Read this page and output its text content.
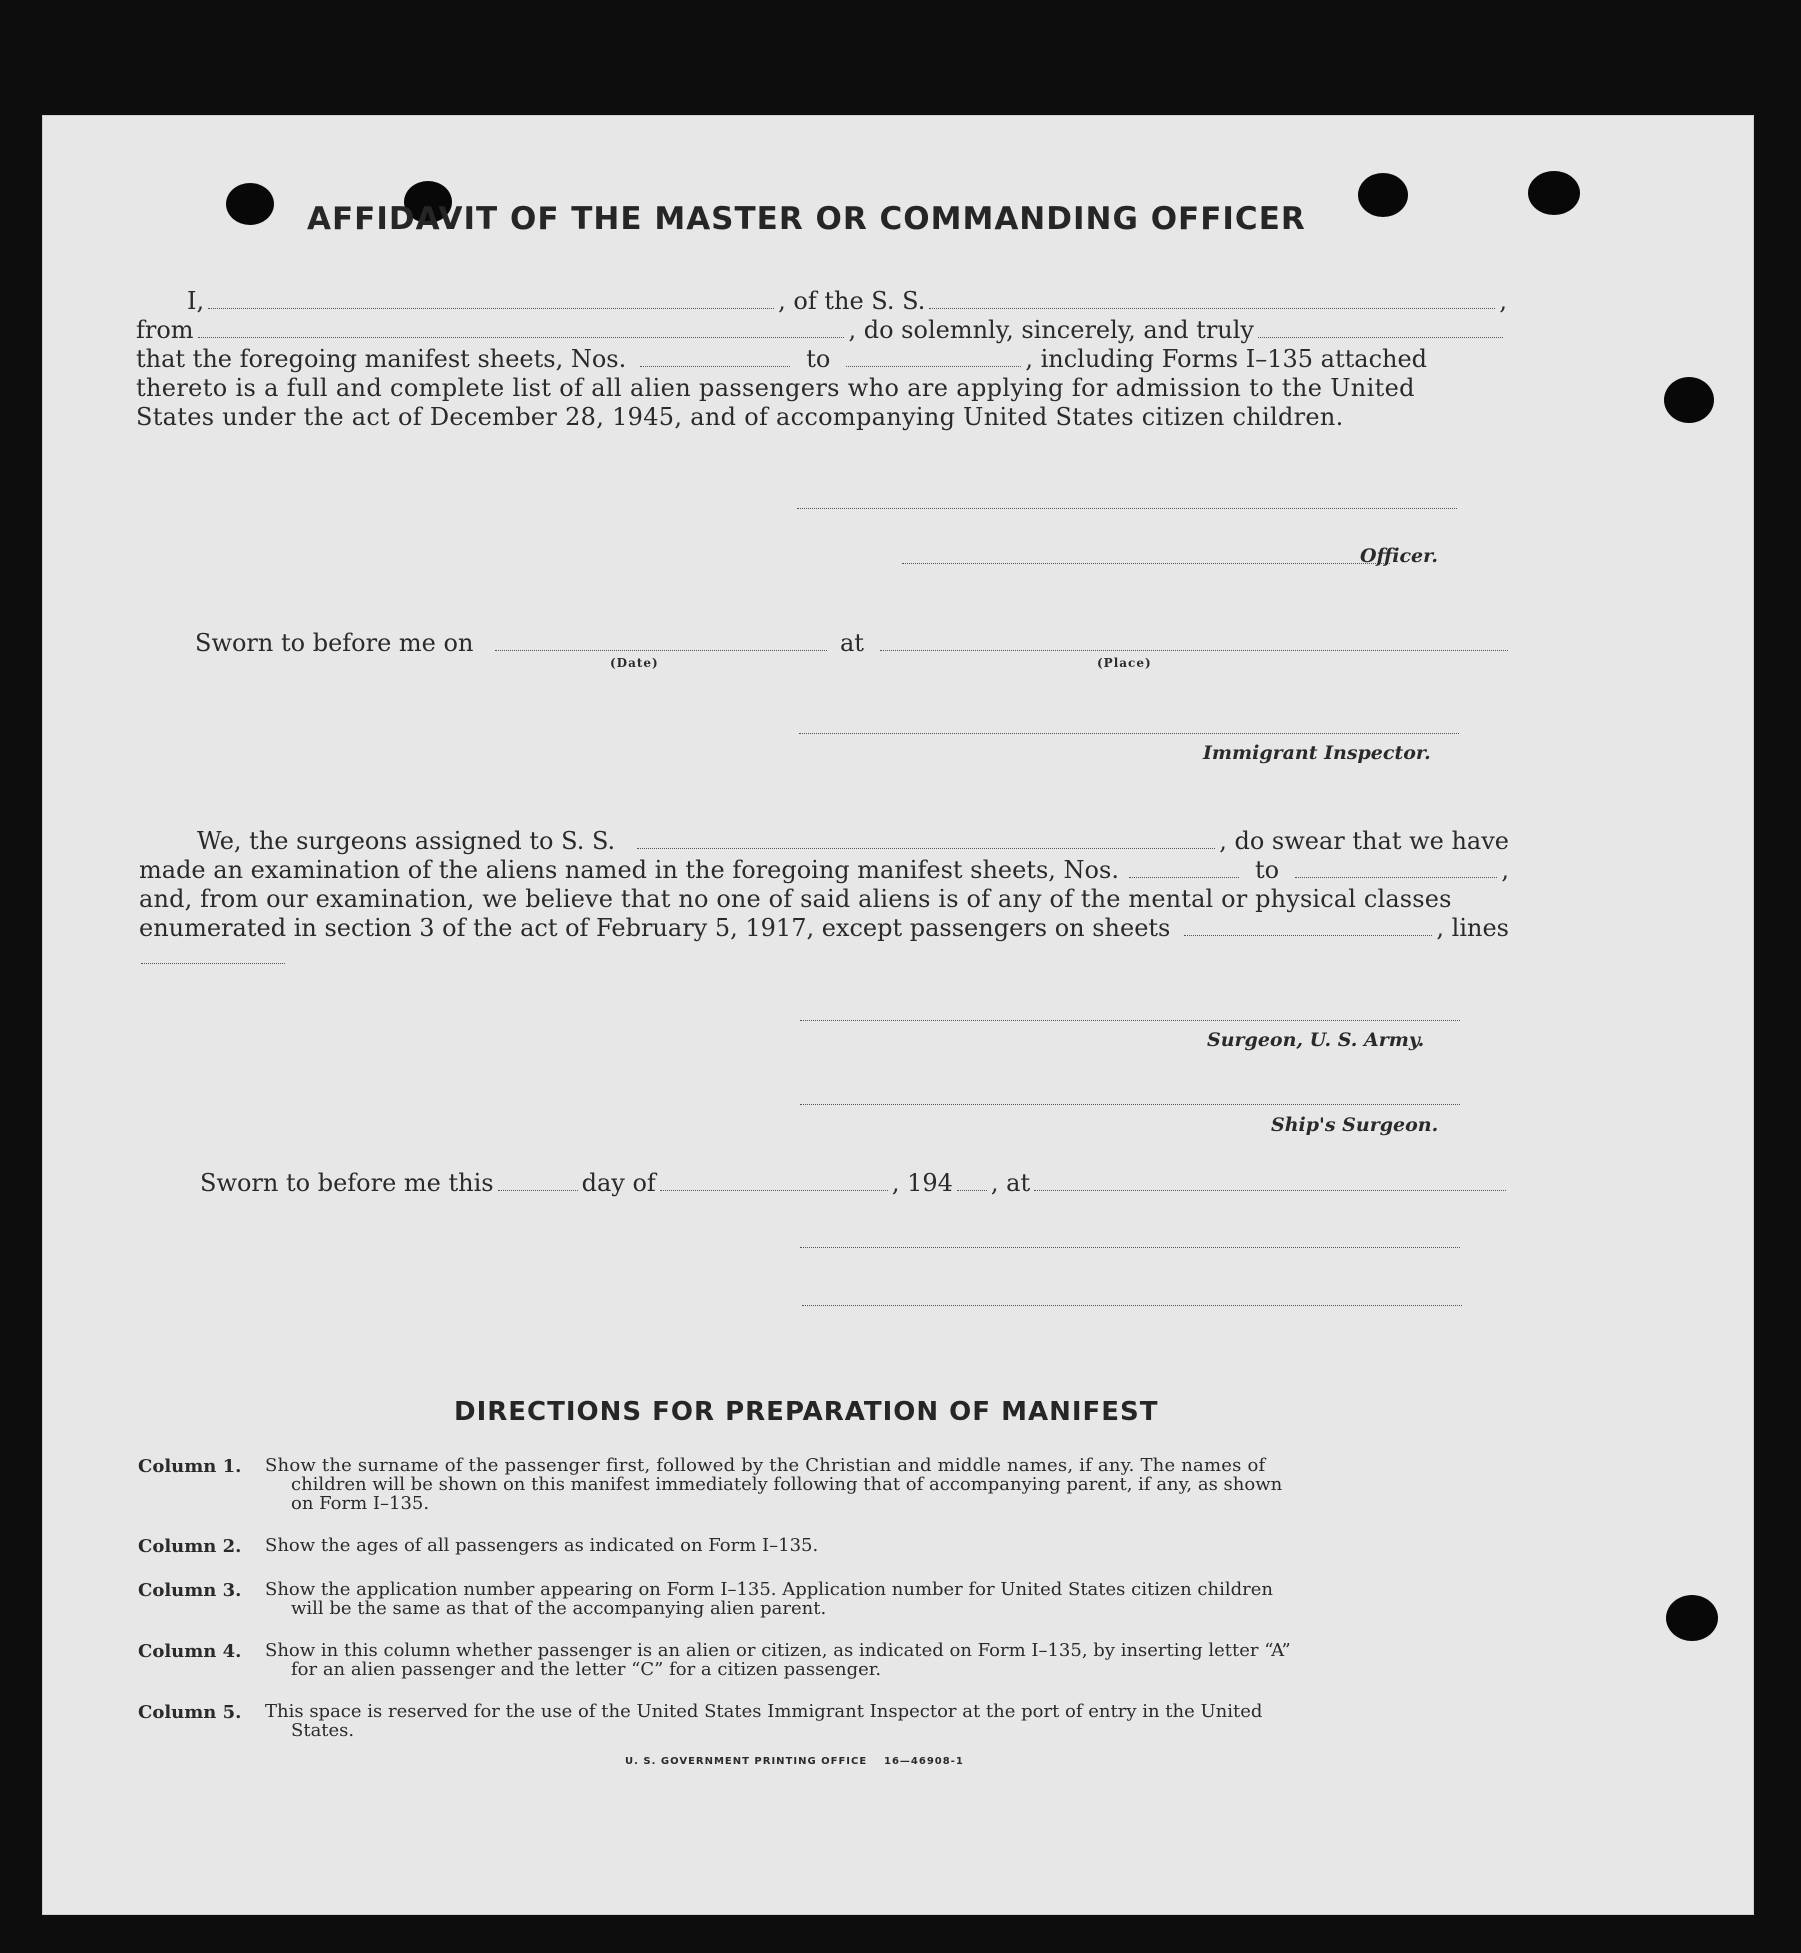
AFFIDAVIT OF THE MASTER OR COMMANDING OFFICER
I,	, of the S. S.	,
from	, do solemnly, sincerely, and truly
that the foregoing manifest sheets, Nos.	to	, including Forms I–135 attached
thereto is a full and complete list of all alien passengers who are applying for admission to the United
States under the act of December 28, 1945, and of accompanying United States citizen children.
Officer.
Sworn to before me on
(Date)
at
(Place)
Immigrant Inspector.
We, the surgeons assigned to S. S.	, do swear that we have
made an examination of the aliens named in the foregoing manifest sheets, Nos.	to	,
and, from our examination, we believe that no one of said aliens is of any of the mental or physical classes
enumerated in section 3 of the act of February 5, 1917, except passengers on sheets	, lines
Surgeon, U. S. Army.
Ship's Surgeon.
Sworn to before me this	day of	, 194 , at
DIRECTIONS FOR PREPARATION OF MANIFEST
Column 1.	Show the surname of the passenger first, followed by the Christian and middle names, if any. The names of
children will be shown on this manifest immediately following that of accompanying parent, if any, as shown
on Form I–135.
Column 2.	Show the ages of all passengers as indicated on Form I–135.
Column 3.	Show the application number appearing on Form I–135. Application number for United States citizen children
will be the same as that of the accompanying alien parent.
Column 4.	Show in this column whether passenger is an alien or citizen, as indicated on Form I–135, by inserting letter “A”
for an alien passenger and the letter “C” for a citizen passenger.
Column 5.	This space is reserved for the use of the United States Immigrant Inspector at the port of entry in the United
States.
U. S. GOVERNMENT PRINTING OFFICE 16—46908-1
